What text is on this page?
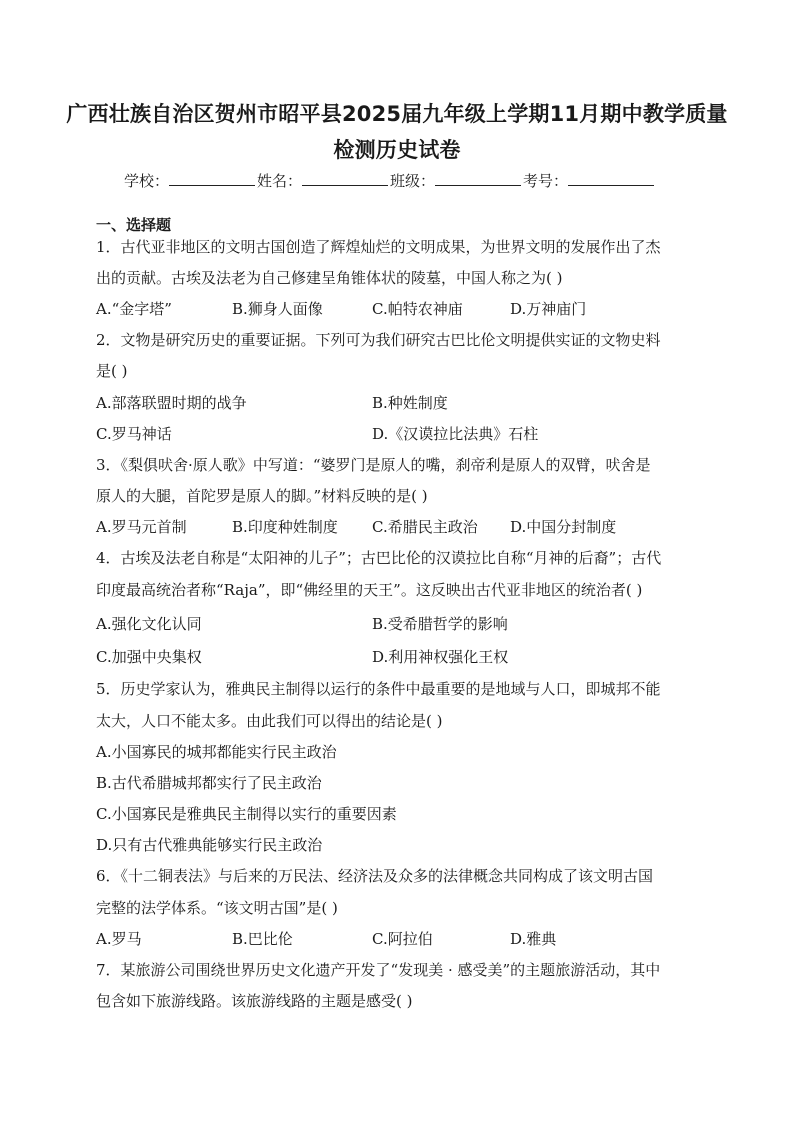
广西壮族自治区贺州市昭平县2025届九年级上学期11月期中教学质量
检测历史试卷
学校：	姓名：	班级：	考号：
一、选择题
1．古代亚非地区的文明古国创造了辉煌灿烂的文明成果，为世界文明的发展作出了杰
出的贡献。古埃及法老为自己修建呈角锥体状的陵墓，中国人称之为( )
A.“金字塔”	B.狮身人面像	C.帕特农神庙	D.万神庙门
2．文物是研究历史的重要证据。下列可为我们研究古巴比伦文明提供实证的文物史料
是( )
A.部落联盟时期的战争	B.种姓制度
C.罗马神话	D.《汉谟拉比法典》石柱
3．《梨俱吠舍·原人歌》中写道：“婆罗门是原人的嘴，刹帝利是原人的双臂，吠舍是
原人的大腿，首陀罗是原人的脚。”材料反映的是( )
A.罗马元首制	B.印度种姓制度 C.希腊民主政治 D.中国分封制度
4．古埃及法老自称是“太阳神的儿子”；古巴比伦的汉谟拉比自称“月神的后裔”；古代
印度最高统治者称“Raja”，即“佛经里的天王”。这反映出古代亚非地区的统治者( )
A.强化文化认同	B.受希腊哲学的影响
C.加强中央集权	D.利用神权强化王权
5．历史学家认为，雅典民主制得以运行的条件中最重要的是地域与人口，即城邦不能
太大，人口不能太多。由此我们可以得出的结论是( )
A.小国寡民的城邦都能实行民主政治
B.古代希腊城邦都实行了民主政治
C.小国寡民是雅典民主制得以实行的重要因素
D.只有古代雅典能够实行民主政治
6．《十二铜表法》与后来的万民法、经济法及众多的法律概念共同构成了该文明古国
完整的法学体系。“该文明古国”是( )
A.罗马	B.巴比伦	C.阿拉伯	D.雅典
7．某旅游公司围绕世界历史文化遗产开发了“发现美 · 感受美”的主题旅游活动，其中
包含如下旅游线路。该旅游线路的主题是感受( )
